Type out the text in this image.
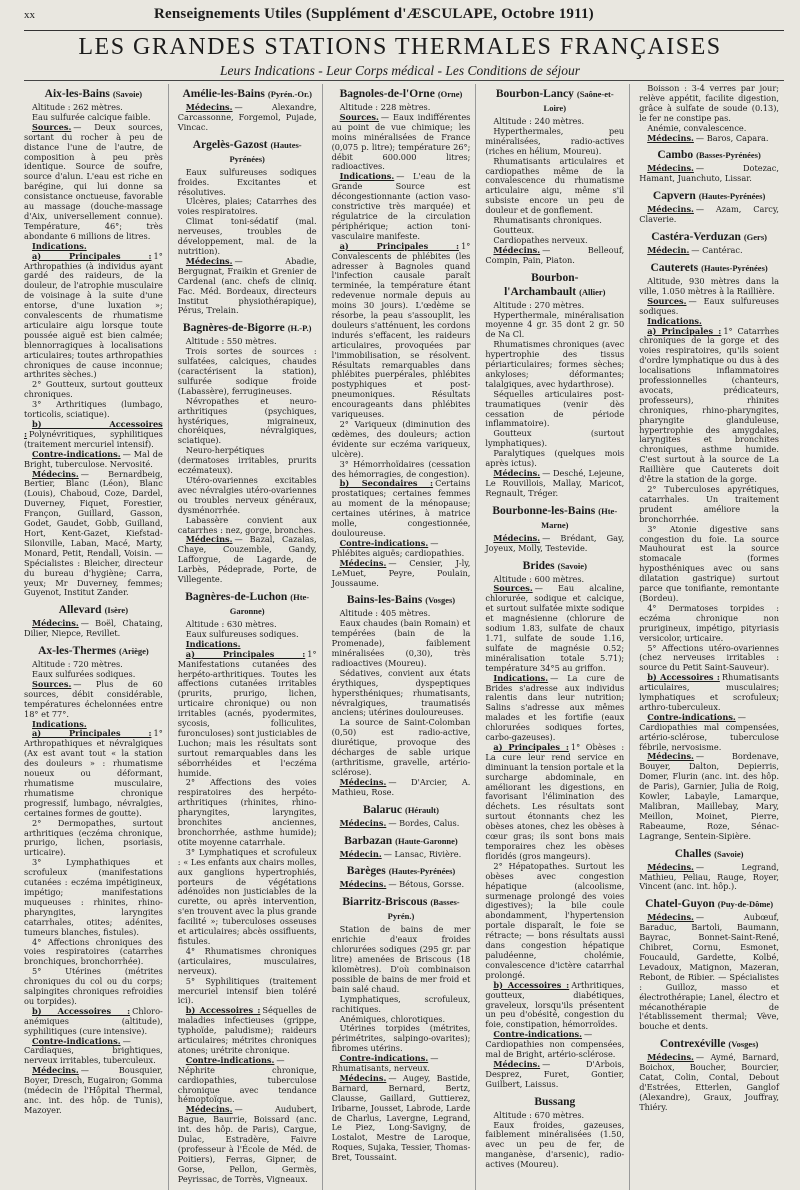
xx	Renseignements Utiles (Supplément d'ÆSCULAPE, Octobre 1911)
LES GRANDES STATIONS THERMALES FRANÇAISES
Leurs Indications - Leur Corps médical - Les Conditions de séjour
Aix-les-Bains (Savoie)

Altitude : 262 mètres.

Eau sulfurée calcique faible.

Sources. — Deux sources, sortant du rocher à peu de distance l'une de l'autre, de composition à peu près identique. Source de soufre, source d'alun. L'eau est riche en barégine, qui lui donne sa consistance onctueuse, favorable au massage (douche-massage d'Aix, universellement connue). Température, 46°; très abondante 6 millions de litres.

Indications.

a) Principales : 1° Arthropathies (à individus ayant gardé des raideurs, de la douleur, de l'atrophie musculaire de voisinage à la suite d'une entorse, d'une luxation »; convalescents de rhumatisme articulaire aigu lorsque toute poussée aiguë est bien calmée; blennorragiques à localisations articulaires; toutes arthropathies chroniques de cause inconnue; arthrites sèches.)

2° Goutteux, surtout goutteux chroniques.

3° Arthritiques (lumbago, torticolis, sciatique).

b) Accessoires : Polynévritiques, syphilitiques (traitement mercuriel intensif).

Contre-indications. — Mal de Bright, tuberculose. Nervosité.

Médecins. — Bernardbeig, Bertier, Blanc (Léon), Blanc (Louis), Chaboud, Coze, Dardel, Duverney, Fiquet, Forestier, Françon, Guillard, Gasson, Godet, Gaudet, Gobb, Guilland, Hort, Kent-Gazet, Kiefstad-Silonville, Laban, Macé, Marty, Monard, Petit, Rendall, Voisin. — Spécialistes : Bleicher, directeur du bureau d'hygiène; Carra, yeux; Mr Duverney, femmes; Guyenot, Institut Zander.

Allevard (Isère)

Médecins. — Boël, Chataing, Dilier, Niepce, Revillet.

Ax-les-Thermes (Ariège)

Altitude : 720 mètres.

Eaux sulfurées sodiques.

Sources. — Plus de 60 sources, débit considérable, températures échelonnées entre 18° et 77°.

Indications.

a) Principales : 1° Arthropathiques et névralgiques (Ax est avant tout « la station des douleurs » : rhumatisme noueux ou déformant, rhumatisme musculaire, rhumatisme chronique progressif, lumbago, névralgies, certaines formes de goutte).

2° Dermopathes, surtout arthritiques (eczéma chronique, prurigo, lichen, psoriasis, urticaire).

3° Lymphathiques et scrofuleux (manifestations cutanées : eczéma impétigineux, impétigo; manifestations muqueuses : rhinites, rhino-pharyngites, laryngites catarrhales, otites; adénites, tumeurs blanches, fistules).

4° Affections chroniques des voies respiratoires (catarrhes bronchiques, bronchorrhée).

5° Utérines (métrites chroniques du col ou du corps; salpingites chroniques refroidies ou torpides).

b) Accessoires : Chloro-anémiques (altitude), syphilitiques (cure intensive).

Contre-indications. — Cardiaques, brightiques, nerveux irritables, tuberculeux.

Médecins. — Bousquier, Boyer, Dresch, Eugairon; Gomma (médecin de l'Hôpital Thermal, anc. int. des hôp. de Tunis), Mazoyer.

Amélie-les-Bains (Pyrén.-Or.)

Médecins. — Alexandre, Carcassonne, Forgemol, Pujade, Vincac.

Argelès-Gazost (Hautes-Pyrénées)

Eaux sulfureuses sodiques froides. Excitantes et résolutives.

Ulcères, plaies; Catarrhes des voies respiratoires.

Climat toni-sédatif (mal. nerveuses, troubles de développement, mal. de la nutrition).

Médecins. — Abadie, Bergugnat, Fraikin et Grenier de Cardenal (anc. chefs de cliniq. Fac. Méd. Bordeaux, directeurs Institut physiothérapique), Pérus, Trelain.

Bagnères-de-Bigorre (H.-P.)

Altitude : 550 mètres.

Trois sortes de sources : sulfatées, calciques, chaudes (caractérisent la station), sulfurée sodique froide (Labassère), ferrugineuses.

Névropathes et neuro-arthritiques (psychiques, hystériques, migraineux, choréiques, névralgiques, sciatique).

Neuro-herpétiques (dermatoses irritables, prurits eczémateux).

Utéro-ovariennes excitables avec névralgies utéro-ovariennes ou troubles nerveux généraux, dysménorrhée.

Labassère convient aux catarrhes : nez, gorge, bronches.

Médecins. — Bazal, Cazalas, Chaye, Couzemble, Gandy, Lafforgue, de Lagarde, de Larbès, Pédeprade, Porte, de Villegente.

Bagnères-de-Luchon (Hte-Garonne)

Altitude : 630 mètres.

Eaux sulfureuses sodiques.

Indications.

a) Principales : 1° Manifestations cutanées des herpéto-arthritiques. Toutes les affections cutanées irritables (prurits, prurigo, lichen, urticaire chronique) ou non irritables (acnés, pyodermites, sycosis, folliculites, furonculoses) sont justiciables de Luchon; mais les résultats sont surtout remarquables dans les séborrhéides et l'eczéma humide.

2° Affections des voies respiratoires des herpéto-arthritiques (rhinites, rhino-pharyngites, laryngites, bronchites anciennes, bronchorrhée, asthme humide); otite moyenne catarrhale.

3° Lymphatiques et scrofuleux : « Les enfants aux chairs molles, aux ganglions hypertrophiés, porteurs de végétations adénoïdes non justiciables de la curette, ou après intervention, s'en trouvent avec la plus grande facilité »; tuberculoses osseuses et articulaires; abcès ossifluents, fistules.

4° Rhumatismes chroniques (articulaires, musculaires, nerveux).

5° Syphilitiques (traitement mercuriel intensif bien toléré ici).

b) Accessoires : Séquelles de maladies infectieuses (grippe, typhoïde, paludisme); raideurs articulaires; métrites chroniques atones; urétrite chronique.

Contre-indications. — Néphrite chronique, cardiopathies, tuberculose chronique avec tendance hémoptoïque.

Médecins. — Audubert, Bague, Baurrie, Boissard (anc. int. des hôp. de Paris), Cargue, Dulac, Estradère, Faivre (professeur à l'École de Méd. de Poitiers), Ferras, Gipner, de Gorse, Pellon, Germès, Peyrissac, de Torrès, Vigneaux.

Bagnoles-de-l'Orne (Orne)

Altitude : 228 mètres.

Sources. — Eaux indifférentes au point de vue chimique; les moins minéralisées de France (0,075 p. litre); température 26°; débit 600.000 litres; radioactives.

Indications. — L'eau de la Grande Source est décongestionnante (action vaso-constrictive très marquée) et régulatrice de la circulation périphérique; action toni-vasculaire manifeste.

a) Principales : 1° Convalescents de phlébites (les adresser à Bagnoles quand l'infection causale paraît terminée, la température étant redevenue normale depuis au moins 30 jours). L'œdème se résorbe, la peau s'assouplit, les douleurs s'atténuent, les cordons indurés s'effacent, les raideurs articulaires, provoquées par l'immobilisation, se résolvent. Résultats remarquables dans phlébites puerpérales, phlébites postyphiques et post-pneumoniques. Résultats encourageants dans phlébites variqueuses.

2° Variqueux (diminution des œdèmes, des douleurs; action évidente sur eczéma variqueux, ulcère).

3° Hémorrhoïdaires (cessation des hémorragies, de congestion).

b) Secondaires : Certains prostatiques; certaines femmes au moment de la ménopause; certaines utérines, à matrice molle, congestionnée, douloureuse.

Contre-indications. — Phlébites aiguës; cardiopathies.

Médecins. — Censier, J-ly, LeMuet, Peyre, Poulain, Joussaume.

Bains-les-Bains (Vosges)

Altitude : 405 mètres.

Eaux chaudes (bain Romain) et tempérées (bain de la Promenade), faiblement minéralisées (0,30), très radioactives (Moureu).

Sédatives, convient aux états érythiques, dyspeptiques hypersthéniques; rhumatisants, névralgiques, traumatisés anciens; utérines douloureuses.

La source de Saint-Colomban (0,50) est radio-active, diurétique, provoque des décharges de sable urique (arthritisme, gravelle, artério-sclérose).

Médecins. — D'Arcier, A. Mathieu, Rose.

Balaruc (Hérault)

Médecins. — Bordes, Calus.

Barbazan (Haute-Garonne)

Médecin. — Lansac, Rivière.

Barèges (Hautes-Pyrénées)

Médecins. — Bétous, Gorsse.

Biarritz-Briscous (Basses-Pyrén.)

Station de bains de mer enrichie d'eaux froides chlorurées sodiques (295 gr. par litre) amenées de Briscous (18 kilomètres). D'où combinaison possible de bains de mer froid et bain salé chaud.

Lymphatiques, scrofuleux, rachitiques.

Anémiques, chlorotiques.

Utérines torpides (métrites, périmétrites, salpingo-ovarites); fibromes utérins.

Contre-indications. — Rhumatisants, nerveux.

Médecins. — Augey, Bastide, Barnard, Bernard, Bertz, Clausse, Gaillard, Guttierez, Iribarne, Jousset, Labrode, Larde de Charlus, Lavergne, Legrand, Le Piez, Long-Savigny, de Lostalot, Mestre de Laroque, Roques, Sujaka, Tessier, Thomas-Bret, Toussaint.

Bourbon-Lancy (Saône-et-Loire)

Altitude : 240 mètres.

Hyperthermales, peu minéralisées, radio-actives (riches en hélium, Moureu).

Rhumatisants articulaires et cardiopathes même de la convalescence du rhumatisme articulaire aigu, même s'il subsiste encore un peu de douleur et de gonflement.

Rhumatisants chroniques.

Goutteux.

Cardiopathes nerveux.

Médecins. — Belleouf, Compin, Pain, Piaton.

Bourbon-l'Archambault (Allier)

Altitude : 270 mètres.

Hyperthermale, minéralisation moyenne 4 gr. 35 dont 2 gr. 50 de Na Cl.

Rhumatismes chroniques (avec hypertrophie des tissus périarticulaires; formes sèches; ankyloses; déformantes; talalgiques, avec hydarthrose).

Séquelles articulaires post-traumatiques (venir dès cessation de période inflammatoire).

Goutteux (surtout lymphatiques).

Paralytiques (quelques mois après ictus).

Médecins. — Desché, Lejeune, Le Rouvillois, Mallay, Maricot, Regnault, Tréger.

Bourbonne-les-Bains (Hte-Marne)

Médecins. — Brédant, Gay, Joyeux, Molly, Testevide.

Brides (Savoie)

Altitude : 600 mètres.

Sources. — Eau alcaline, chlorurée, sodique et calcique, et surtout sulfatée mixte sodique et magnésienne (chlorure de sodium 1.83, sulfate de chaux 1.71, sulfate de soude 1.16, sulfate de magnésie 0.52; minéralisation totale 5.71); température 34°5 au griffon.

Indications. — La cure de Brides s'adresse aux individus ralentis dans leur nutrition; Salins s'adresse aux mêmes malades et les fortifie (eaux chlorurées sodiques fortes, carbo-gazeuses).

a) Principales : 1° Obèses : La cure leur rend service en diminuant la tension portale et la surcharge abdominale, en améliorant les digestions, en favorisant l'élimination des déchets. Les résultats sont surtout étonnants chez les obèses atones, chez les obèses à cœur gras; ils sont bons mais temporaires chez les obèses floridés (gros mangeurs).

2° Hépatopathes. Surtout les obèses avec congestion hépatique (alcoolisme, surmenage prolongé des voies digestives); la bile coule abondamment, l'hypertension portale disparaît, le foie se rétracte; — bons résultats aussi dans congestion hépatique paludéenne, cholémie, convalescence d'ictère catarrhal prolongé.

b) Accessoires : Arthritiques, goutteux, diabétiques, graveleux, lorsqu'ils présentent un peu d'obésité, congestion du foie, constipation, hémorroïdes.

Contre-indications. — Cardiopathies non compensées, mal de Bright, artério-sclérose.

Médecins. — D'Arbois, Desprez, Furet, Gontier, Guilbert, Laissus.

Bussang

Altitude : 670 mètres.

Eaux froides, gazeuses, faiblement minéralisées (1.50, avec un peu de fer, de manganèse, d'arsenic), radio-actives (Moureu).

Boisson : 3-4 verres par jour; relève appétit, facilite digestion, grâce à sulfate de soude (0.13), le fer ne constipe pas.

Anémie, convalescence.

Médecins. — Baros, Capara.

Cambo (Basses-Pyrénées)

Médecins. — Dotezac, Hamant, Juanchuto, Lissar.

Capvern (Hautes-Pyrénées)

Médecins. — Azam, Carcy, Claverie.

Castéra-Verduzan (Gers)

Médecin. — Cantérac.

Cauterets (Hautes-Pyrénées)

Altitude, 930 mètres dans la ville, 1.050 mètres à la Raillière.

Sources. — Eaux sulfureuses sodiques.

Indications.

a) Principales : 1° Catarrhes chroniques de la gorge et des voies respiratoires, qu'ils soient d'ordre lymphatique ou dus à des localisations inflammatoires professionnelles (chanteurs, avocats, prédicateurs, professeurs), rhinites chroniques, rhino-pharyngites, pharyngite glanduleuse, hypertrophie des amygdales, laryngites et bronchites chroniques, asthme humide. C'est surtout à la source de La Raillière que Cauterets doit d'être la station de la gorge.

2° Tuberculoses apyrétiques, catarrhales. Un traitement prudent améliore la bronchorrhée.

3° Atonie digestive sans congestion du foie. La source Mauhourat est la source stomacale (formes hyposthéniques avec ou sans dilatation gastrique) surtout parce que tonifiante, remontante (Bordeu).

4° Dermatoses torpides : eczéma chronique non prurigineux, impétigo, pityriasis versicolor, urticaire.

5° Affections utéro-ovariennes (chez nerveuses irritables : source du Petit Saint-Sauveur).

b) Accessoires : Rhumatisants articulaires, musculaires; lymphatiques et scrofuleux; arthro-tuberculeux.

Contre-indications. — Cardiopathies mal compensées, artério-sclérose, tuberculose fébrile, nervosisme.

Médecins. — Bordenave, Bouyer, Dalton, Depierris, Domer, Flurin (anc. int. des hôp. de Paris), Garnier, Julia de Roig, Kowler, Labayle, Lamarque, Malibran, Maillebay, Mary, Meillon, Moinet, Pierre, Rabeaume, Roze, Sénac-Lagrange, Sentein-Sipière.

Challes (Savoie)

Médecins. — Legrand, Mathieu, Peliau, Rauge, Royer, Vincent (anc. int. hôp.).

Chatel-Guyon (Puy-de-Dôme)

Médecins. — Aubœuf, Baraduc, Bartoli, Baumann, Bayrac, Bonnet-Saint-René, Chibret, Cornu, Esmonet, Foucauld, Gardette, Kolbé, Levadoux, Matignon, Mazeran, Rebont, de Ribier. — Spécialistes : Guilloz, masso et électrothérapie; Lanel, électro et mécanothérapie de l'établissement thermal; Vève, bouche et dents.

Contrexéville (Vosges)

Médecins. — Aymé, Barnard, Boichox, Boucher, Bourcier, Catat, Colin, Contal, Debout d'Estrées, Etterlen, Ganglof (Alexandre), Graux, Jouffray, Thiéry.
